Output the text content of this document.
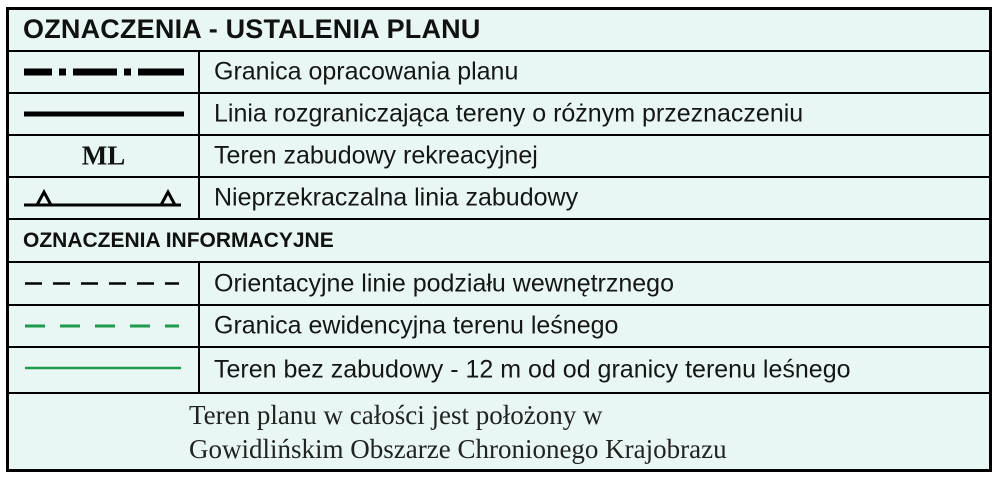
OZNACZENIA - USTALENIA PLANU
Granica opracowania planu
Linia rozgraniczająca tereny o różnym przeznaczeniu
ML	Teren zabudowy rekreacyjnej
Nieprzekraczalna linia zabudowy
OZNACZENIA INFORMACYJNE
Orientacyjne linie podziału wewnętrznego
Granica ewidencyjna terenu leśnego
Teren bez zabudowy - 12 m od od granicy terenu leśnego
Teren planu w całości jest położony w
Gowidlińskim Obszarze Chronionego Krajobrazu
